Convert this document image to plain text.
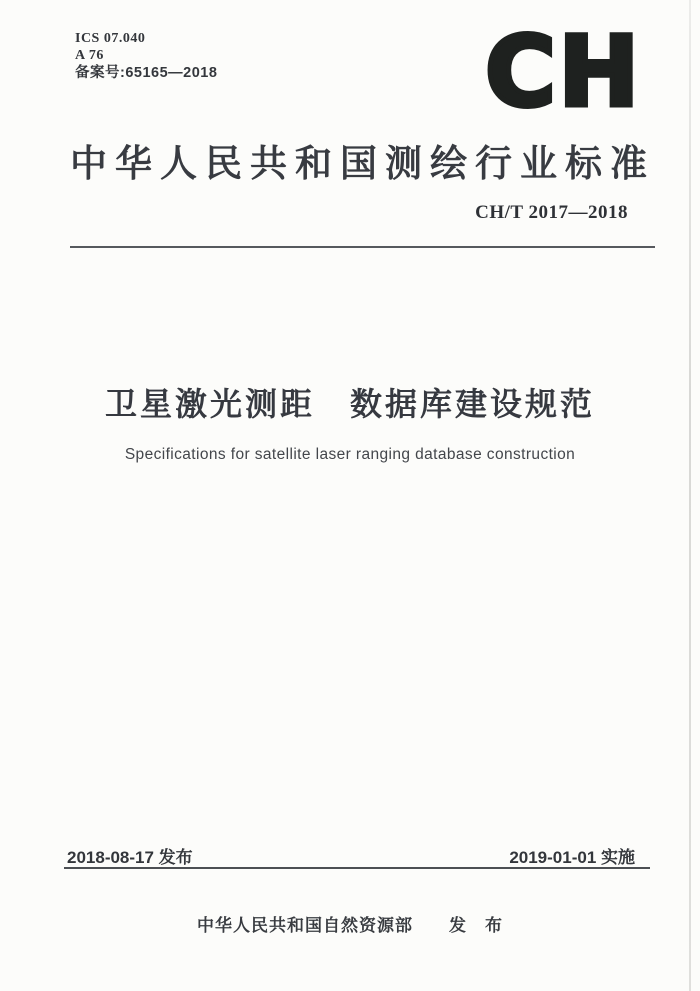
ICS 07.040
A 76
备案号:65165—2018	CH
中华人民共和国测绘行业标准
CH/T 2017—2018
卫星激光测距　数据库建设规范
Specifications for satellite laser ranging database construction
2018-08-17 发布	2019-01-01 实施
中华人民共和国自然资源部　　发　布
